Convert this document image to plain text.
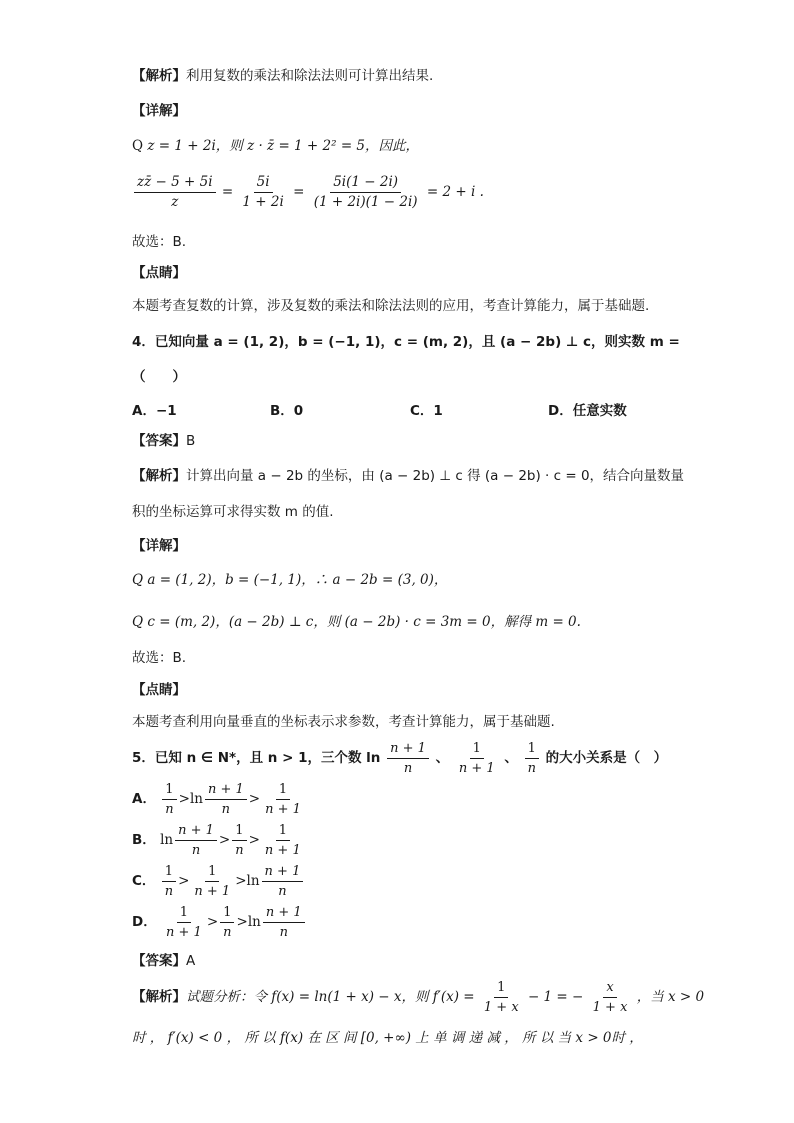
【解析】利用复数的乘法和除法法则可计算出结果.
【详解】
Q z = 1 + 2i，则 z · z̄ = 1 + 2² = 5，因此，
$\frac{zz̄ - 5 + 5i}{z} = \frac{5i}{1 + 2i} = \frac{5i(1 - 2i)}{(1 + 2i)(1 - 2i)} = 2 + i$ .
故选：B.
【点睛】
本题考查复数的计算，涉及复数的乘法和除法法则的应用，考查计算能力，属于基础题.
4．已知向量 a = (1, 2)，b = (−1, 1)，c = (m, 2)，且 (a − 2b) ⊥ c，则实数 m =
（　　）
A．−1	B．0	C．1	D．任意实数
【答案】B
【解析】计算出向量 a − 2b 的坐标，由 (a − 2b) ⊥ c 得 (a − 2b) · c = 0，结合向量数量
积的坐标运算可求得实数 m 的值.
【详解】
Q a = (1, 2)，b = (−1, 1)，∴ a − 2b = (3, 0)，
Q c = (m, 2)，(a − 2b) ⊥ c，则 (a − 2b) · c = 3m = 0，解得 m = 0.
故选：B.
【点睛】
本题考查利用向量垂直的坐标表示求参数，考查计算能力，属于基础题.
5．已知 n ∈ N*，且 n > 1，三个数 $\ln \frac{n + 1}{n}$ 、 $\frac{1}{n + 1}$ 、 $\frac{1}{n}$ 的大小关系是（　）
A． $\frac{1}{n} >\ln \frac{n + 1}{n} > \frac{1}{n + 1}$
B． $\ln \frac{n + 1}{n} > \frac{1}{n} > \frac{1}{n + 1}$
C． $\frac{1}{n} > \frac{1}{n + 1} >\ln \frac{n + 1}{n}$
D． $\frac{1}{n + 1} > \frac{1}{n} >\ln \frac{n + 1}{n}$
【答案】A
【解析】试题分析：令 f(x) = ln(1 + x) − x，则 $f'(x) = \frac{1}{1 + x} - 1$ = − $\frac{x}{1 + x}$ ，当 x > 0
时 ， f′(x) < 0 ， 所 以 f(x) 在 区 间 [0, +∞) 上 单 调 递 减 ， 所 以 当 x > 0时 ，
